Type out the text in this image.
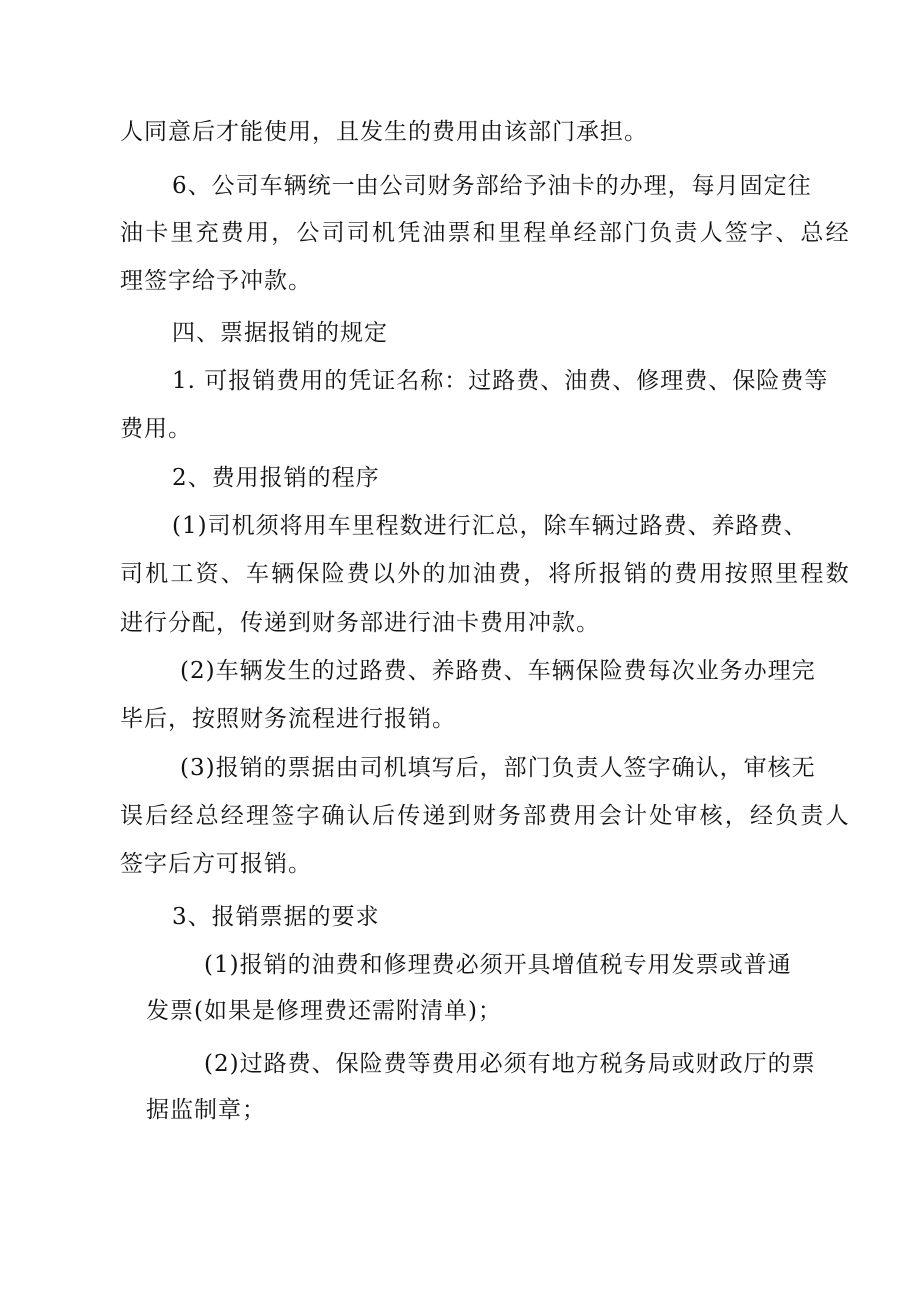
人同意后才能使用，且发生的费用由该部门承担。
6、公司车辆统一由公司财务部给予油卡的办理，每月固定往
油卡里充费用，公司司机凭油票和里程单经部门负责人签字、总经
理签字给予冲款。
四、票据报销的规定
1. 可报销费用的凭证名称：过路费、油费、修理费、保险费等
费用。
2、费用报销的程序
(1)司机须将用车里程数进行汇总，除车辆过路费、养路费、
司机工资、车辆保险费以外的加油费，将所报销的费用按照里程数
进行分配，传递到财务部进行油卡费用冲款。
(2)车辆发生的过路费、养路费、车辆保险费每次业务办理完
毕后，按照财务流程进行报销。
(3)报销的票据由司机填写后，部门负责人签字确认，审核无
误后经总经理签字确认后传递到财务部费用会计处审核，经负责人
签字后方可报销。
3、报销票据的要求
(1)报销的油费和修理费必须开具增值税专用发票或普通
发票(如果是修理费还需附清单)；
(2)过路费、保险费等费用必须有地方税务局或财政厅的票
据监制章；
